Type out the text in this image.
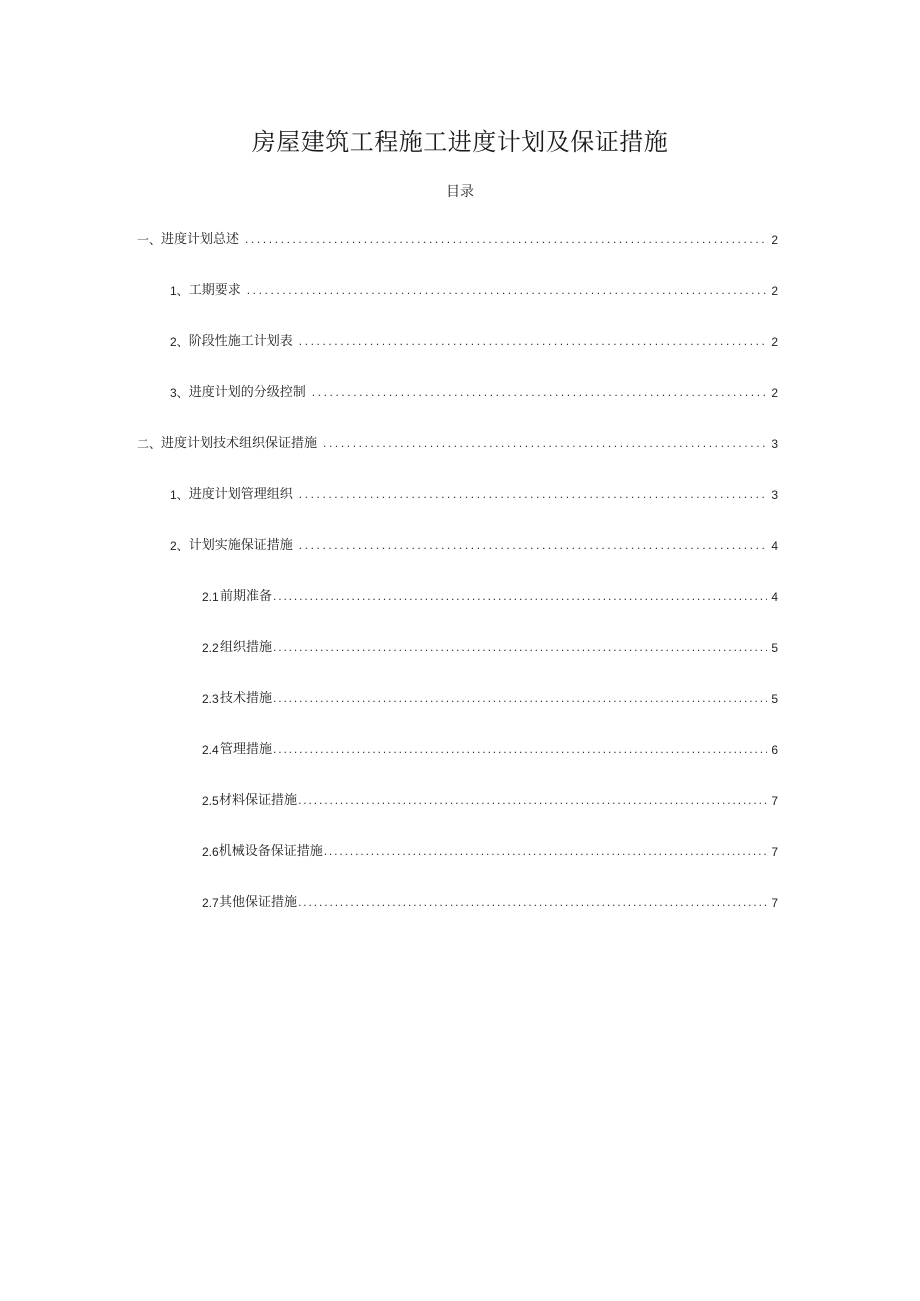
房屋建筑工程施工进度计划及保证措施
目录
一、 进度计划总述 .....	2
1、 工期要求 .....	2
2、 阶段性施工计划表 .....	2
3、 进度计划的分级控制 .....	2
二、 进度计划技术组织保证措施 .....	3
1、 进度计划管理组织 .....	3
2、 计划实施保证措施 .....	4
2.1 前期准备 .....	4
2.2 组织措施 .....	5
2.3 技术措施 .....	5
2.4 管理措施 .....	6
2.5 材料保证措施 .....	7
2.6 机械设备保证措施 .....	7
2.7 其他保证措施 .....	7
